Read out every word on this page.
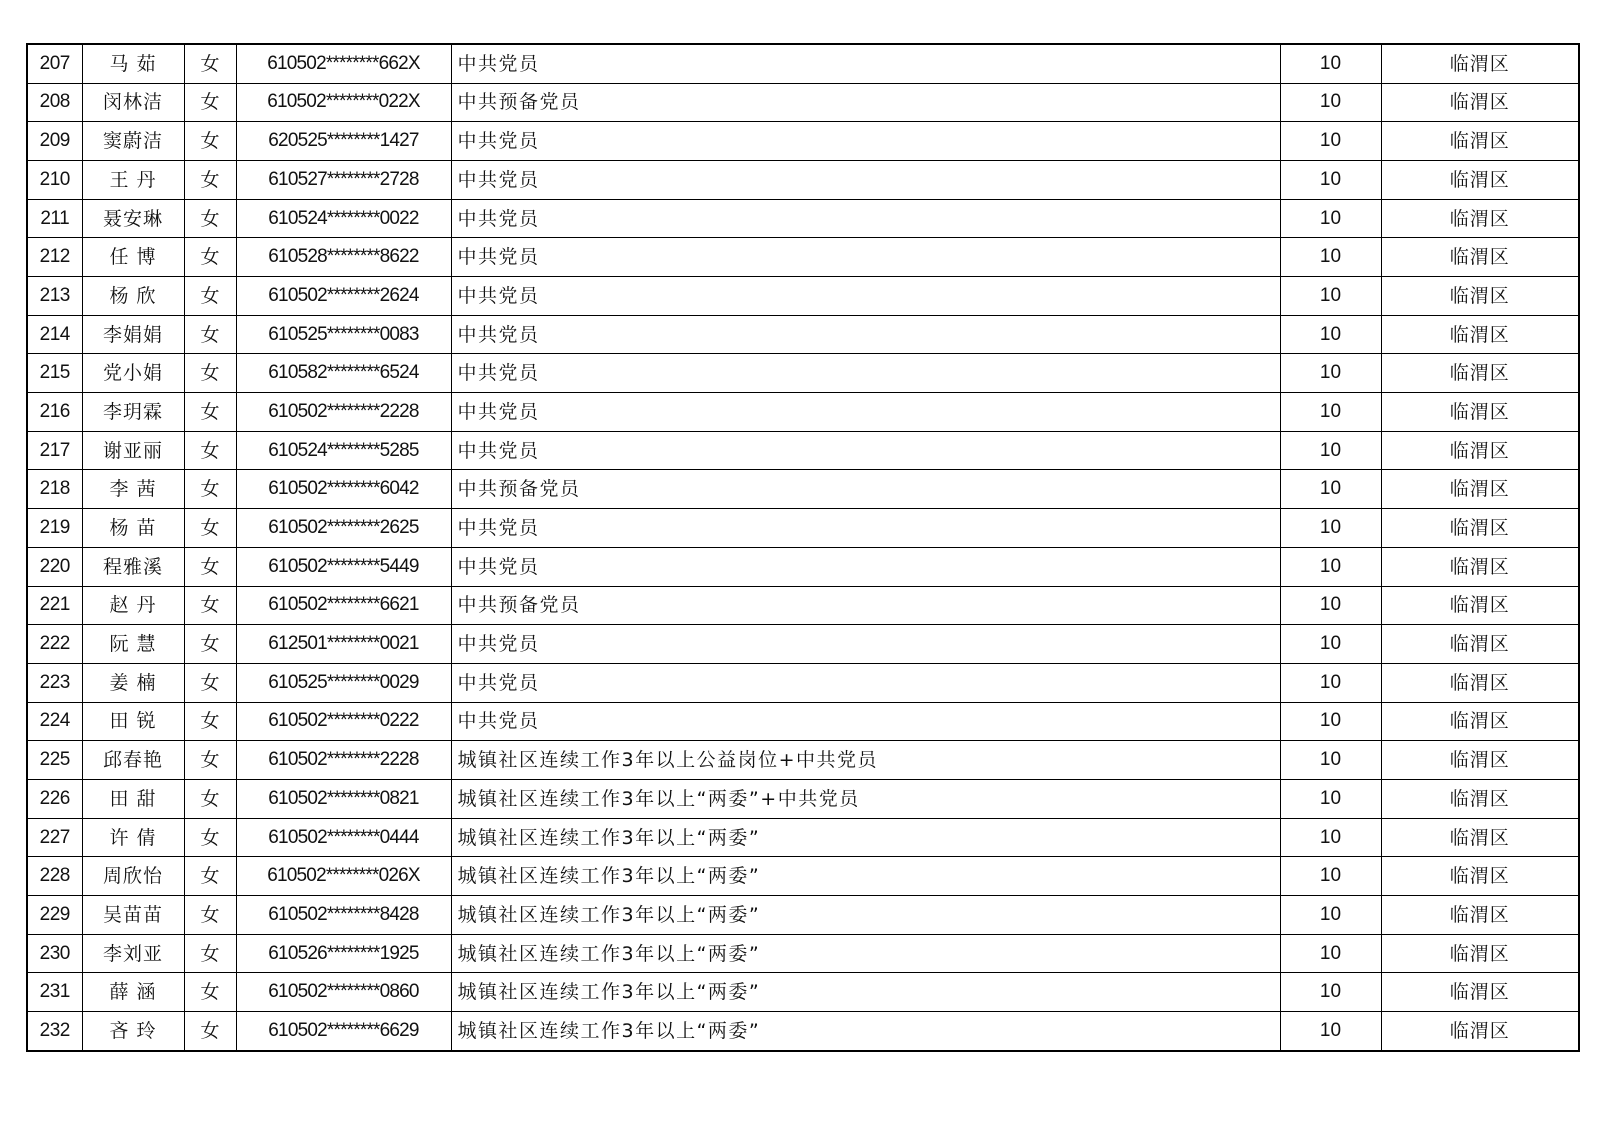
207	马 茹	女	610502********662X	中共党员	10	临渭区
208	闵林洁	女	610502********022X	中共预备党员	10	临渭区
209	窦蔚洁	女	620525********1427	中共党员	10	临渭区
210	王 丹	女	610527********2728	中共党员	10	临渭区
211	聂安琳	女	610524********0022	中共党员	10	临渭区
212	任 博	女	610528********8622	中共党员	10	临渭区
213	杨 欣	女	610502********2624	中共党员	10	临渭区
214	李娟娟	女	610525********0083	中共党员	10	临渭区
215	党小娟	女	610582********6524	中共党员	10	临渭区
216	李玥霖	女	610502********2228	中共党员	10	临渭区
217	谢亚丽	女	610524********5285	中共党员	10	临渭区
218	李 茜	女	610502********6042	中共预备党员	10	临渭区
219	杨 苗	女	610502********2625	中共党员	10	临渭区
220	程雅溪	女	610502********5449	中共党员	10	临渭区
221	赵 丹	女	610502********6621	中共预备党员	10	临渭区
222	阮 慧	女	612501********0021	中共党员	10	临渭区
223	姜 楠	女	610525********0029	中共党员	10	临渭区
224	田 锐	女	610502********0222	中共党员	10	临渭区
225	邱春艳	女	610502********2228	城镇社区连续工作3年以上公益岗位+中共党员	10	临渭区
226	田 甜	女	610502********0821	城镇社区连续工作3年以上“两委”+中共党员	10	临渭区
227	许 倩	女	610502********0444	城镇社区连续工作3年以上“两委”	10	临渭区
228	周欣怡	女	610502********026X	城镇社区连续工作3年以上“两委”	10	临渭区
229	吴苗苗	女	610502********8428	城镇社区连续工作3年以上“两委”	10	临渭区
230	李刘亚	女	610526********1925	城镇社区连续工作3年以上“两委”	10	临渭区
231	薛 涵	女	610502********0860	城镇社区连续工作3年以上“两委”	10	临渭区
232	吝 玲	女	610502********6629	城镇社区连续工作3年以上“两委”	10	临渭区
